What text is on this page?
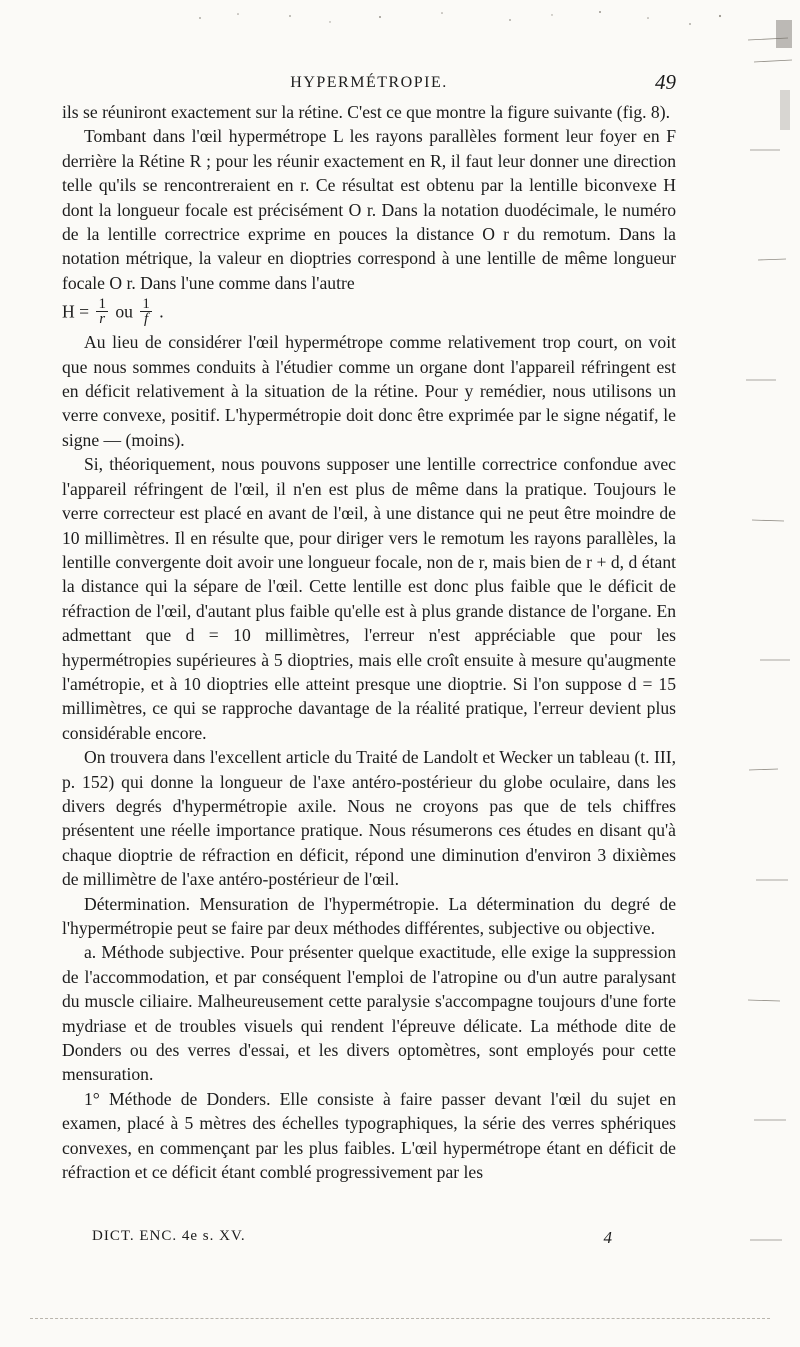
HYPERMÉTROPIE.	49

ils se réuniront exactement sur la rétine. C'est ce que montre la figure suivante (fig. 8).

Tombant dans l'œil hypermétrope L les rayons parallèles forment leur foyer en F derrière la Rétine R ; pour les réunir exactement en R, il faut leur donner une direction telle qu'ils se rencontreraient en r. Ce résultat est obtenu par la lentille biconvexe H dont la longueur focale est précisément O r. Dans la notation duodécimale, le numéro de la lentille correctrice exprime en pouces la distance O r du remotum. Dans la notation métrique, la valeur en dioptries correspond à une lentille de même longueur focale O r. Dans l'une comme dans l'autre

$H = \frac{1}{r}$ ou $\frac{1}{f}$ .

Au lieu de considérer l'œil hypermétrope comme relativement trop court, on voit que nous sommes conduits à l'étudier comme un organe dont l'appareil réfringent est en déficit relativement à la situation de la rétine. Pour y remédier, nous utilisons un verre convexe, positif. L'hypermétropie doit donc être exprimée par le signe négatif, le signe — (moins).

Si, théoriquement, nous pouvons supposer une lentille correctrice confondue avec l'appareil réfringent de l'œil, il n'en est plus de même dans la pratique. Toujours le verre correcteur est placé en avant de l'œil, à une distance qui ne peut être moindre de 10 millimètres. Il en résulte que, pour diriger vers le remotum les rayons parallèles, la lentille convergente doit avoir une longueur focale, non de r, mais bien de r + d, d étant la distance qui la sépare de l'œil. Cette lentille est donc plus faible que le déficit de réfraction de l'œil, d'autant plus faible qu'elle est à plus grande distance de l'organe. En admettant que d = 10 millimètres, l'erreur n'est appréciable que pour les hypermétropies supérieures à 5 dioptries, mais elle croît ensuite à mesure qu'augmente l'amétropie, et à 10 dioptries elle atteint presque une dioptrie. Si l'on suppose d = 15 millimètres, ce qui se rapproche davantage de la réalité pratique, l'erreur devient plus considérable encore.

On trouvera dans l'excellent article du Traité de Landolt et Wecker un tableau (t. III, p. 152) qui donne la longueur de l'axe antéro-postérieur du globe oculaire, dans les divers degrés d'hypermétropie axile. Nous ne croyons pas que de tels chiffres présentent une réelle importance pratique. Nous résumerons ces études en disant qu'à chaque dioptrie de réfraction en déficit, répond une diminution d'environ 3 dixièmes de millimètre de l'axe antéro-postérieur de l'œil.

Détermination. Mensuration de l'hypermétropie. La détermination du degré de l'hypermétropie peut se faire par deux méthodes différentes, subjective ou objective.

a. Méthode subjective. Pour présenter quelque exactitude, elle exige la suppression de l'accommodation, et par conséquent l'emploi de l'atropine ou d'un autre paralysant du muscle ciliaire. Malheureusement cette paralysie s'accompagne toujours d'une forte mydriase et de troubles visuels qui rendent l'épreuve délicate. La méthode dite de Donders ou des verres d'essai, et les divers optomètres, sont employés pour cette mensuration.

1° Méthode de Donders. Elle consiste à faire passer devant l'œil du sujet en examen, placé à 5 mètres des échelles typographiques, la série des verres sphériques convexes, en commençant par les plus faibles. L'œil hypermétrope étant en déficit de réfraction et ce déficit étant comblé progressivement par les

DICT. ENC. 4e s. XV.	4
